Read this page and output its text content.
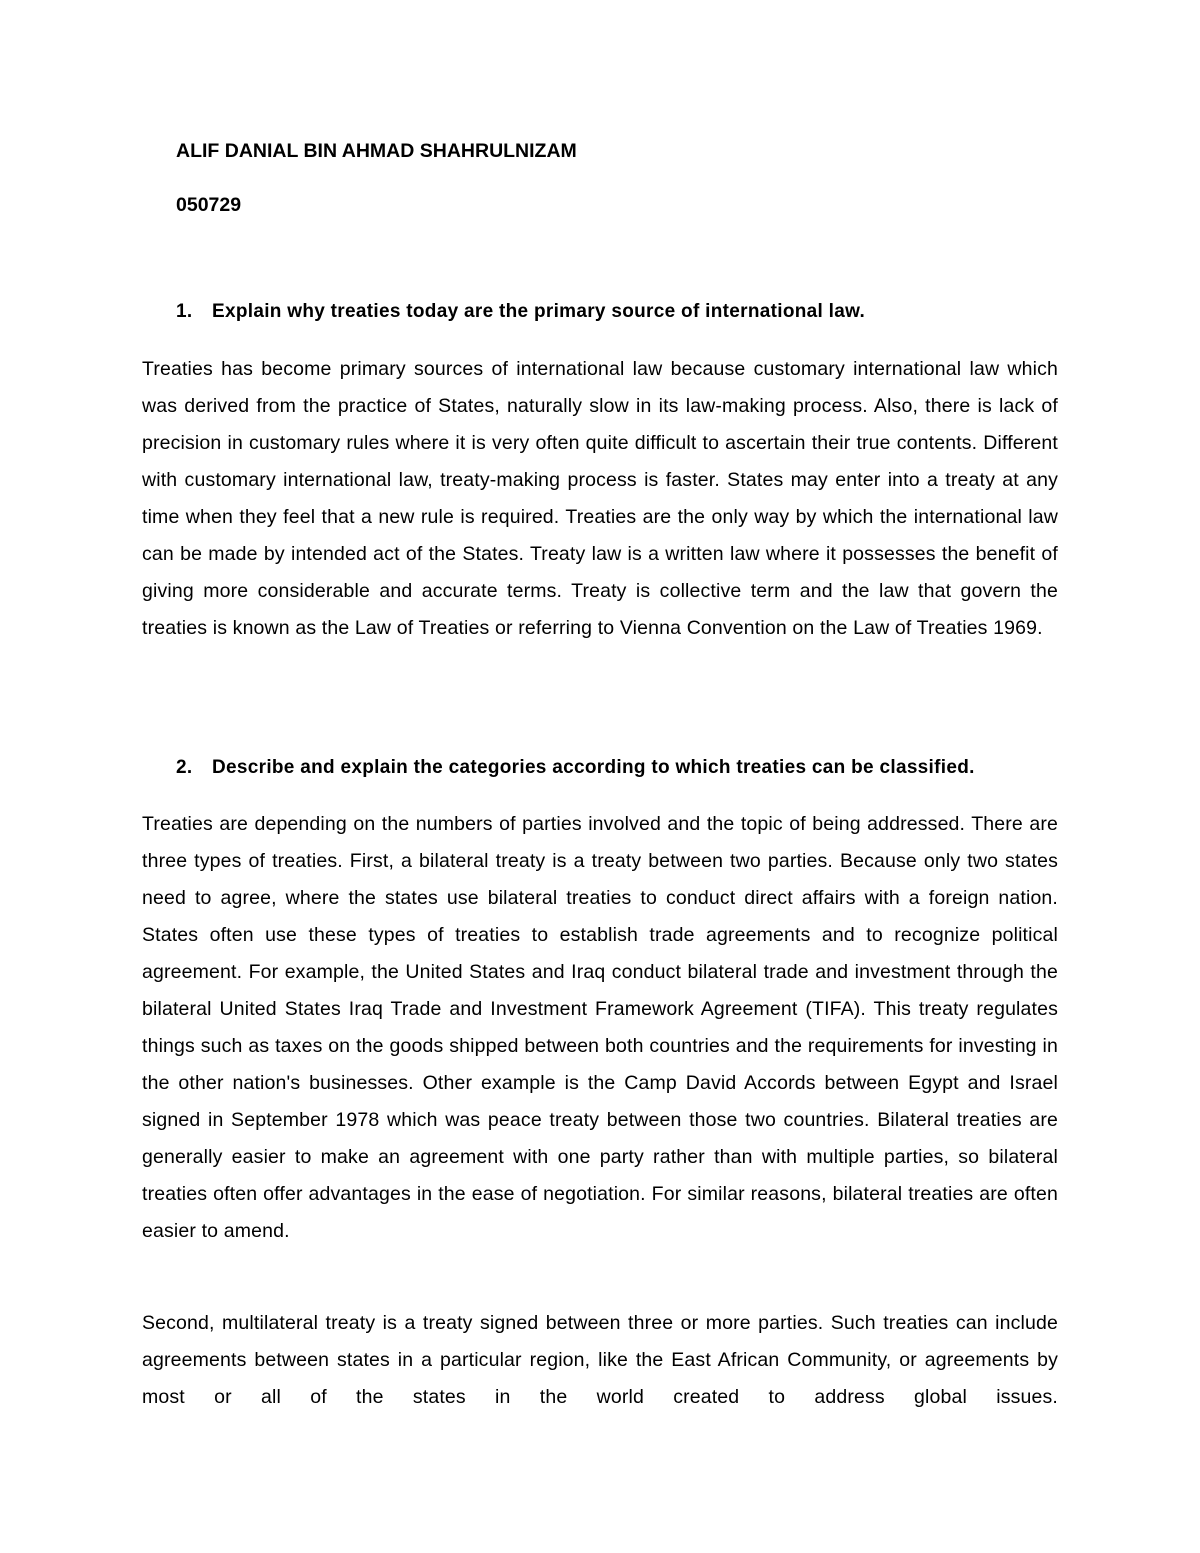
ALIF DANIAL BIN AHMAD SHAHRULNIZAM

050729

1. Explain why treaties today are the primary source of international law.

Treaties has become primary sources of international law because customary international law which was derived from the practice of States, naturally slow in its law-making process. Also, there is lack of precision in customary rules where it is very often quite difficult to ascertain their true contents. Different with customary international law, treaty-making process is faster. States may enter into a treaty at any time when they feel that a new rule is required. Treaties are the only way by which the international law can be made by intended act of the States. Treaty law is a written law where it possesses the benefit of giving more considerable and accurate terms. Treaty is collective term and the law that govern the treaties is known as the Law of Treaties or referring to Vienna Convention on the Law of Treaties 1969.

2. Describe and explain the categories according to which treaties can be classified.

Treaties are depending on the numbers of parties involved and the topic of being addressed. There are three types of treaties. First, a bilateral treaty is a treaty between two parties. Because only two states need to agree, where the states use bilateral treaties to conduct direct affairs with a foreign nation. States often use these types of treaties to establish trade agreements and to recognize political agreement. For example, the United States and Iraq conduct bilateral trade and investment through the bilateral United States Iraq Trade and Investment Framework Agreement (TIFA). This treaty regulates things such as taxes on the goods shipped between both countries and the requirements for investing in the other nation's businesses. Other example is the Camp David Accords between Egypt and Israel signed in September 1978 which was peace treaty between those two countries. Bilateral treaties are generally easier to make an agreement with one party rather than with multiple parties, so bilateral treaties often offer advantages in the ease of negotiation. For similar reasons, bilateral treaties are often easier to amend.

Second, multilateral treaty is a treaty signed between three or more parties. Such treaties can include agreements between states in a particular region, like the East African Community, or agreements by most or all of the states in the world created to address global issues.
